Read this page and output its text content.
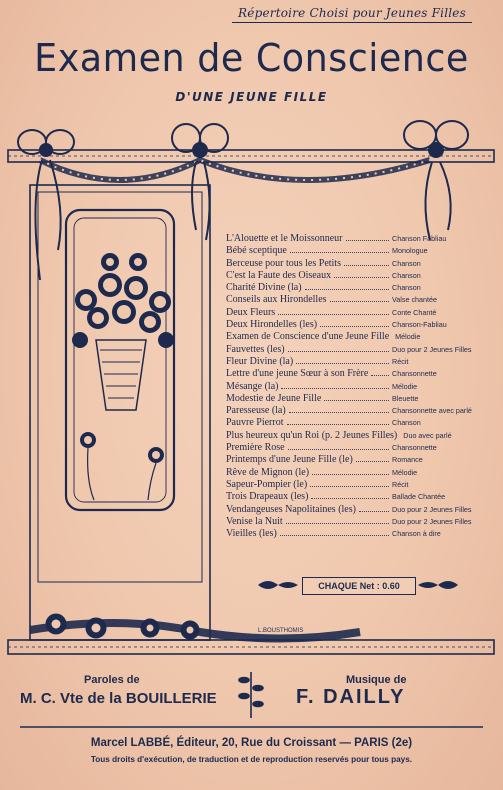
Répertoire Choisi pour Jeunes Filles
Examen de Conscience
D'UNE JEUNE FILLE
L'Alouette et le Moissonneur	Chanson Fabliau
Bébé sceptique	Monologue
Berceuse pour tous les Petits	Chanson
C'est la Faute des Oiseaux	Chanson
Charité Divine (la)	Chanson
Conseils aux Hirondelles	Valse chantée
Deux Fleurs	Conte Chanté
Deux Hirondelles (les)	Chanson-Fabliau
Examen de Conscience d'une Jeune Fille Mélodie
Fauvettes (les)	Duo pour 2 Jeunes Filles
Fleur Divine (la)	Récit
Lettre d'une jeune Sœur à son Frère	Chansonnette
Mésange (la)	Mélodie
Modestie de Jeune Fille	Bleuette
Paresseuse (la)	Chansonnette avec parlé
Pauvre Pierrot	Chanson
Plus heureux qu'un Roi (p. 2 Jeunes Filles) Duo avec parlé
Première Rose	Chansonnette
Printemps d'une Jeune Fille (le)	Romance
Rêve de Mignon (le)	Mélodie
Sapeur-Pompier (le)	Récit
Trois Drapeaux (les)	Ballade Chantée
Vendangeuses Napolitaines (les)	Duo pour 2 Jeunes Filles
Venise la Nuit	Duo pour 2 Jeunes Filles
Vieilles (les)	Chanson à dire
CHAQUE Net : 0.60
L.BOUSTHOMIS
Paroles de
M. C. Vte de la BOUILLERIE
Musique de
F. DAILLY
Marcel LABBÉ, Éditeur, 20, Rue du Croissant — PARIS (2e)
Tous droits d'exécution, de traduction et de reproduction reservés pour tous pays.
